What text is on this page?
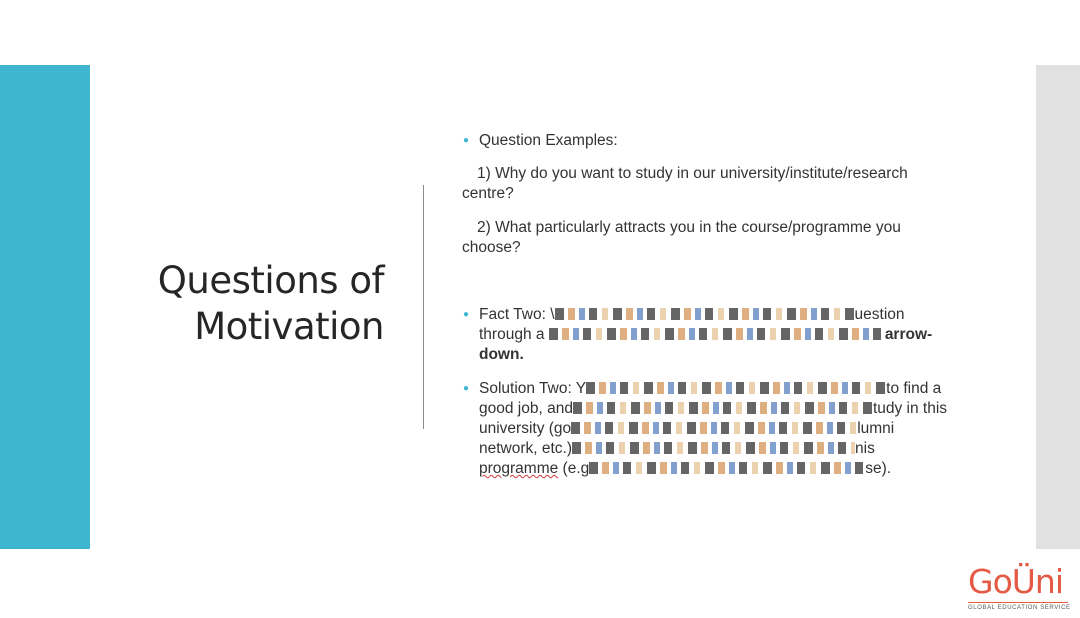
Questions of
Motivation
● Question Examples:
1) Why do you want to study in our university/institute/research
centre?
2) What particularly attracts you in the course/programme you
choose?
● Fact Two: \	uestion
through a	arrow-
down.
● Solution Two: Y	to find a
good job, and	tudy in this
university (go	lumni
network, etc.)	nis
programme (e.g	se).
GoÜni
GLOBAL EDUCATION SERVICE
